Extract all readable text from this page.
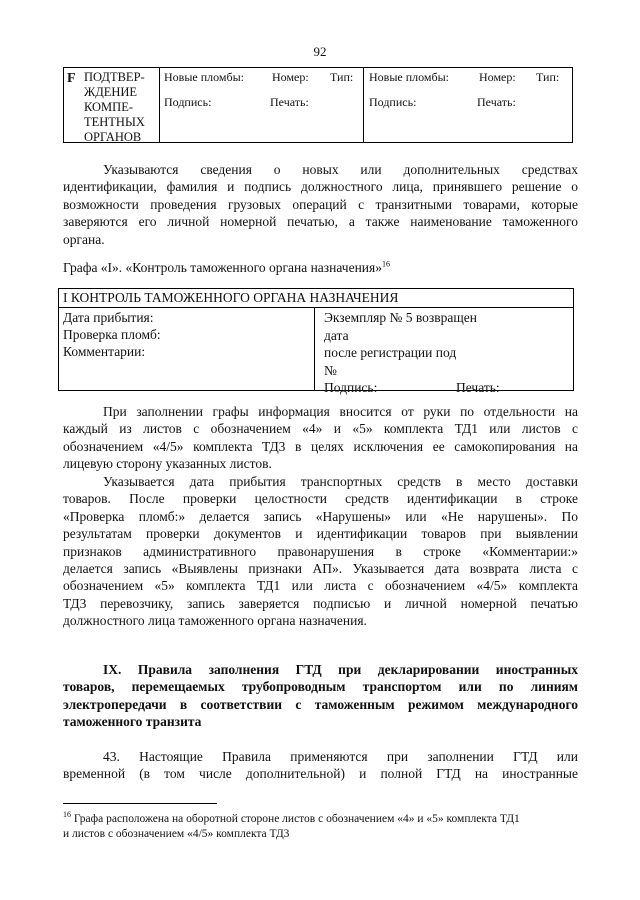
92
F ПОДТВЕР-
ЖДЕНИЕ
КОМПЕ-
ТЕНТНЫХ
ОРГАНОВ
Новые пломбы: Номер: Тип:
Подпись:	Печать:
Новые пломбы:	Номер: Тип:
Подпись:	Печать:
Указываются сведения о новых или дополнительных средствах
идентификации, фамилия и подпись должностного лица, принявшего решение о
возможности проведения грузовых операций с транзитными товарами, которые
заверяются его личной номерной печатью, а также наименование таможенного
органа.
Графа «I». «Контроль таможенного органа назначения»$^{16}$
I КОНТРОЛЬ ТАМОЖЕННОГО ОРГАНА НАЗНАЧЕНИЯ
Дата прибытия:
Проверка пломб:
Комментарии:
Экземпляр № 5 возвращен
дата
после регистрации под
№
Подпись:	Печать:
При заполнении графы информация вносится от руки по отдельности на
каждый из листов с обозначением «4» и «5» комплекта ТД1 или листов с
обозначением «4/5» комплекта ТД3 в целях исключения ее самокопирования на
лицевую сторону указанных листов.
Указывается дата прибытия транспортных средств в место доставки
товаров. После проверки целостности средств идентификации в строке
«Проверка пломб:» делается запись «Нарушены» или «Не нарушены». По
результатам проверки документов и идентификации товаров при выявлении
признаков административного правонарушения в строке «Комментарии:»
делается запись «Выявлены признаки АП». Указывается дата возврата листа с
обозначением «5» комплекта ТД1 или листа с обозначением «4/5» комплекта
ТД3 перевозчику, запись заверяется подписью и личной номерной печатью
должностного лица таможенного органа назначения.
IX. Правила заполнения ГТД при декларировании иностранных
товаров, перемещаемых трубопроводным транспортом или по линиям
электропередачи в соответствии с таможенным режимом международного
таможенного транзита
43. Настоящие Правила применяются при заполнении ГТД или
временной (в том числе дополнительной) и полной ГТД на иностранные
$^{16}$ Графа расположена на оборотной стороне листов с обозначением «4» и «5» комплекта ТД1
и листов с обозначением «4/5» комплекта ТД3
